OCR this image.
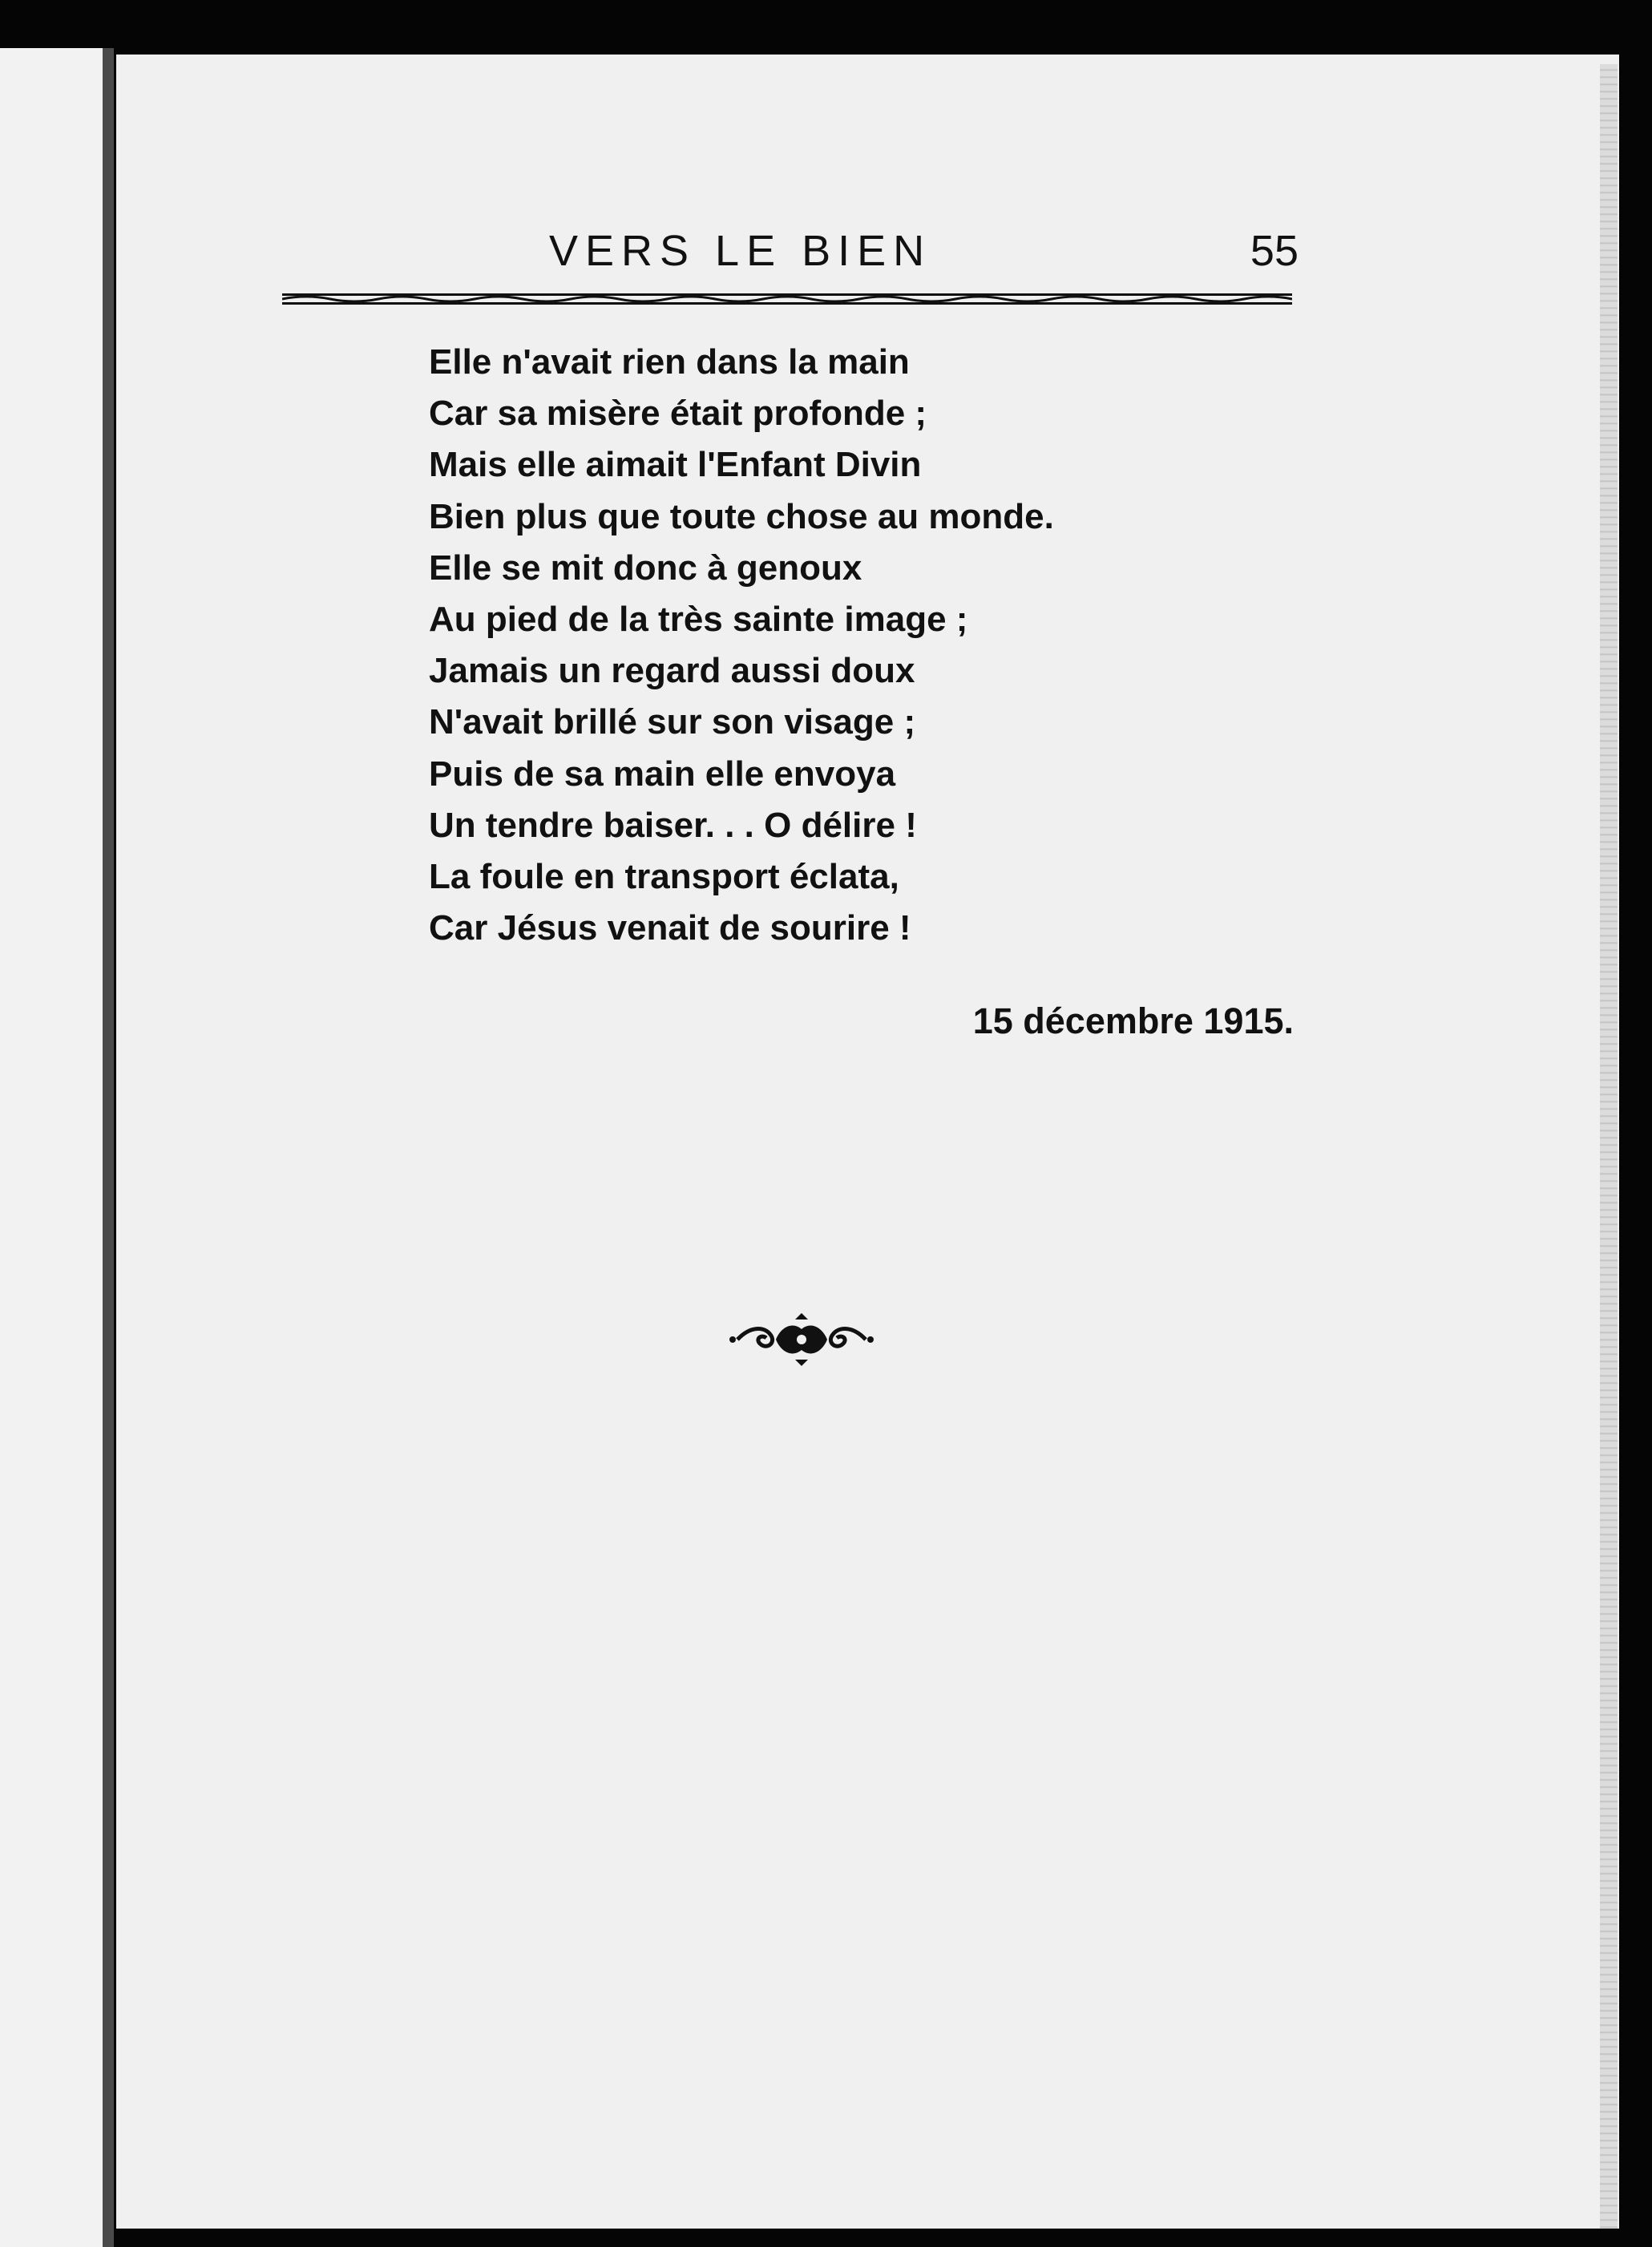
VERS LE BIEN	55
Elle n'avait rien dans la main
Car sa misère était profonde ;
Mais elle aimait l'Enfant Divin
Bien plus que toute chose au monde.
Elle se mit donc à genoux
Au pied de la très sainte image ;
Jamais un regard aussi doux
N'avait brillé sur son visage ;
Puis de sa main elle envoya
Un tendre baiser. . . O délire !
La foule en transport éclata,
Car Jésus venait de sourire !
15 décembre 1915.
